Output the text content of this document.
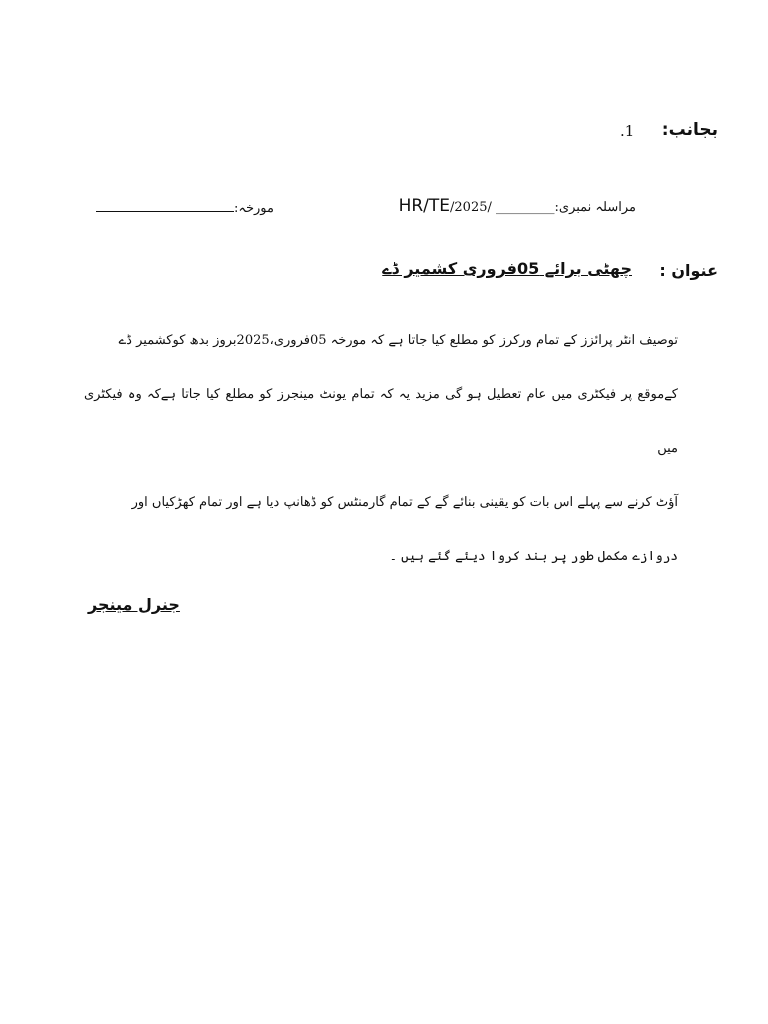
بجانب:
.1
HR/TEمراسلہ نمبری:_________ /2025/
مورخہ:
عنوان :
چھٹی برائے 05فروری کشمیر ڈے
توصیف انٹر پرائزز کے تمام ورکرز کو مطلع کیا جاتا ہے کہ مورخہ 05فروری،2025بروز بدھ کوکشمیر ڈے
کےموقع پر فیکٹری میں عام تعطیل ہو گی مزید یہ کہ تمام یونٹ مینجرز کو مطلع کیا جاتا ہےکہ وہ فیکٹری میں
آؤٹ کرنے سے پہلے اس بات کو یقینی بنائے گے کے تمام گارمنٹس کو ڈھانپ دیا ہے اور تمام کھڑکیاں اور
دروازے مکمل طور پر بند کروا دیئے گئے ہیں ۔
جنرل مینجر
